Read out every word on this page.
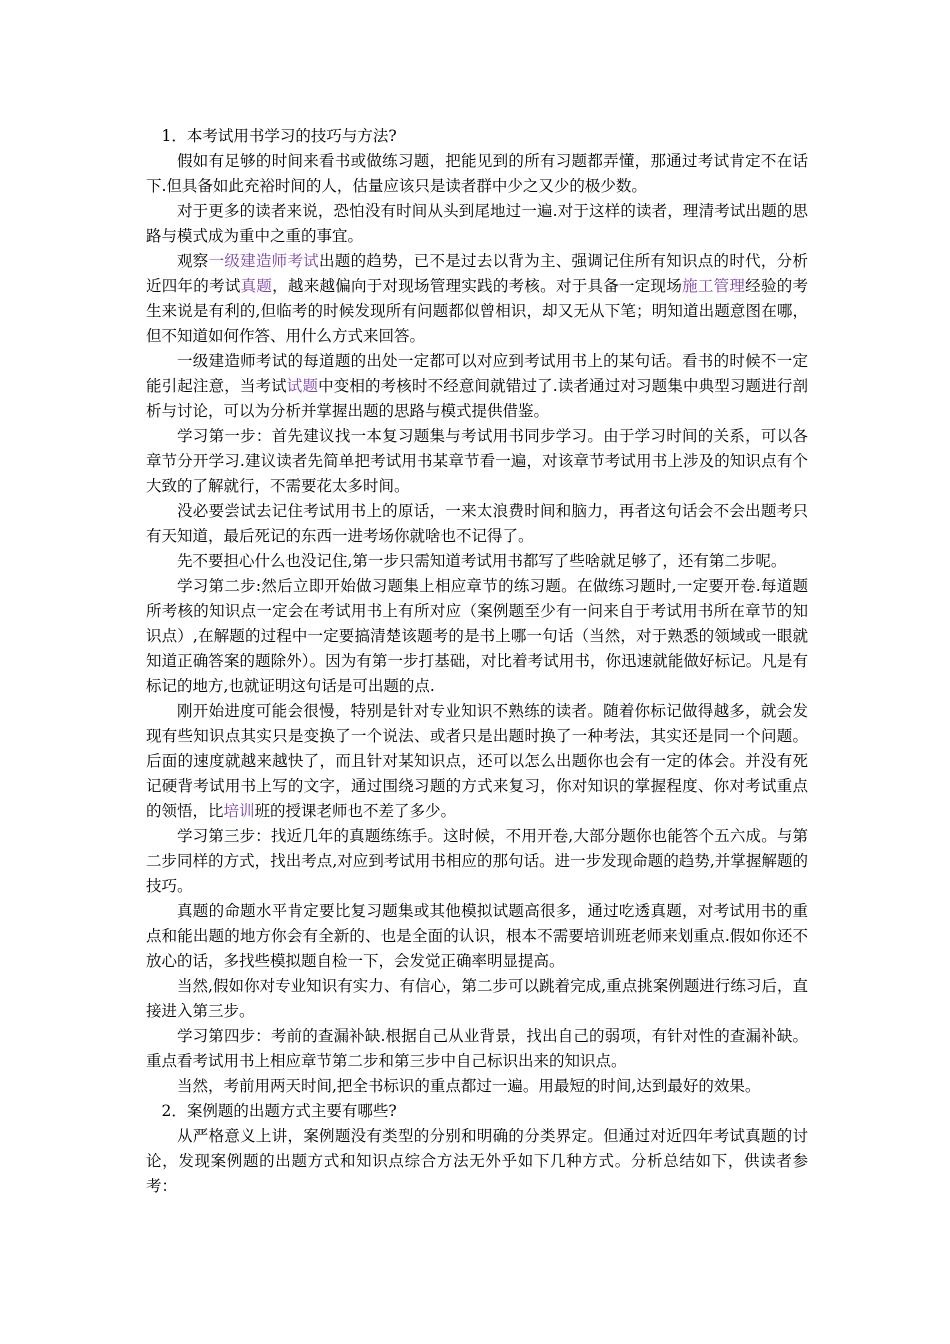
1．本考试用书学习的技巧与方法?

假如有足够的时间来看书或做练习题，把能见到的所有习题都弄懂，那通过考试肯定不在话下.但具备如此充裕时间的人，估量应该只是读者群中少之又少的极少数。

对于更多的读者来说，恐怕没有时间从头到尾地过一遍.对于这样的读者，理清考试出题的思路与模式成为重中之重的事宜。

观察一级建造师考试出题的趋势，已不是过去以背为主、强调记住所有知识点的时代，分析近四年的考试真题，越来越偏向于对现场管理实践的考核。对于具备一定现场施工管理经验的考生来说是有利的,但临考的时候发现所有问题都似曾相识，却又无从下笔；明知道出题意图在哪，但不知道如何作答、用什么方式来回答。

一级建造师考试的每道题的出处一定都可以对应到考试用书上的某句话。看书的时候不一定能引起注意，当考试试题中变相的考核时不经意间就错过了.读者通过对习题集中典型习题进行剖析与讨论，可以为分析并掌握出题的思路与模式提供借鉴。

学习第一步：首先建议找一本复习题集与考试用书同步学习。由于学习时间的关系，可以各章节分开学习.建议读者先简单把考试用书某章节看一遍，对该章节考试用书上涉及的知识点有个大致的了解就行，不需要花太多时间。

没必要尝试去记住考试用书上的原话，一来太浪费时间和脑力，再者这句话会不会出题考只有天知道，最后死记的东西一进考场你就啥也不记得了。

先不要担心什么也没记住,第一步只需知道考试用书都写了些啥就足够了，还有第二步呢。

学习第二步:然后立即开始做习题集上相应章节的练习题。在做练习题时,一定要开卷.每道题所考核的知识点一定会在考试用书上有所对应（案例题至少有一问来自于考试用书所在章节的知识点）,在解题的过程中一定要搞清楚该题考的是书上哪一句话（当然，对于熟悉的领域或一眼就知道正确答案的题除外）。因为有第一步打基础，对比着考试用书，你迅速就能做好标记。凡是有标记的地方,也就证明这句话是可出题的点.

刚开始进度可能会很慢，特别是针对专业知识不熟练的读者。随着你标记做得越多，就会发现有些知识点其实只是变换了一个说法、或者只是出题时换了一种考法，其实还是同一个问题。后面的速度就越来越快了，而且针对某知识点，还可以怎么出题你也会有一定的体会。并没有死记硬背考试用书上写的文字，通过围绕习题的方式来复习，你对知识的掌握程度、你对考试重点的领悟，比培训班的授课老师也不差了多少。

学习第三步：找近几年的真题练练手。这时候，不用开卷,大部分题你也能答个五六成。与第二步同样的方式，找出考点,对应到考试用书相应的那句话。进一步发现命题的趋势,并掌握解题的技巧。

真题的命题水平肯定要比复习题集或其他模拟试题高很多，通过吃透真题，对考试用书的重点和能出题的地方你会有全新的、也是全面的认识，根本不需要培训班老师来划重点.假如你还不放心的话，多找些模拟题自检一下，会发觉正确率明显提高。

当然,假如你对专业知识有实力、有信心，第二步可以跳着完成,重点挑案例题进行练习后，直接进入第三步。

学习第四步：考前的查漏补缺.根据自己从业背景，找出自己的弱项，有针对性的查漏补缺。重点看考试用书上相应章节第二步和第三步中自己标识出来的知识点。

当然，考前用两天时间,把全书标识的重点都过一遍。用最短的时间,达到最好的效果。

2．案例题的出题方式主要有哪些?

从严格意义上讲，案例题没有类型的分别和明确的分类界定。但通过对近四年考试真题的讨论，发现案例题的出题方式和知识点综合方法无外乎如下几种方式。分析总结如下，供读者参考：
